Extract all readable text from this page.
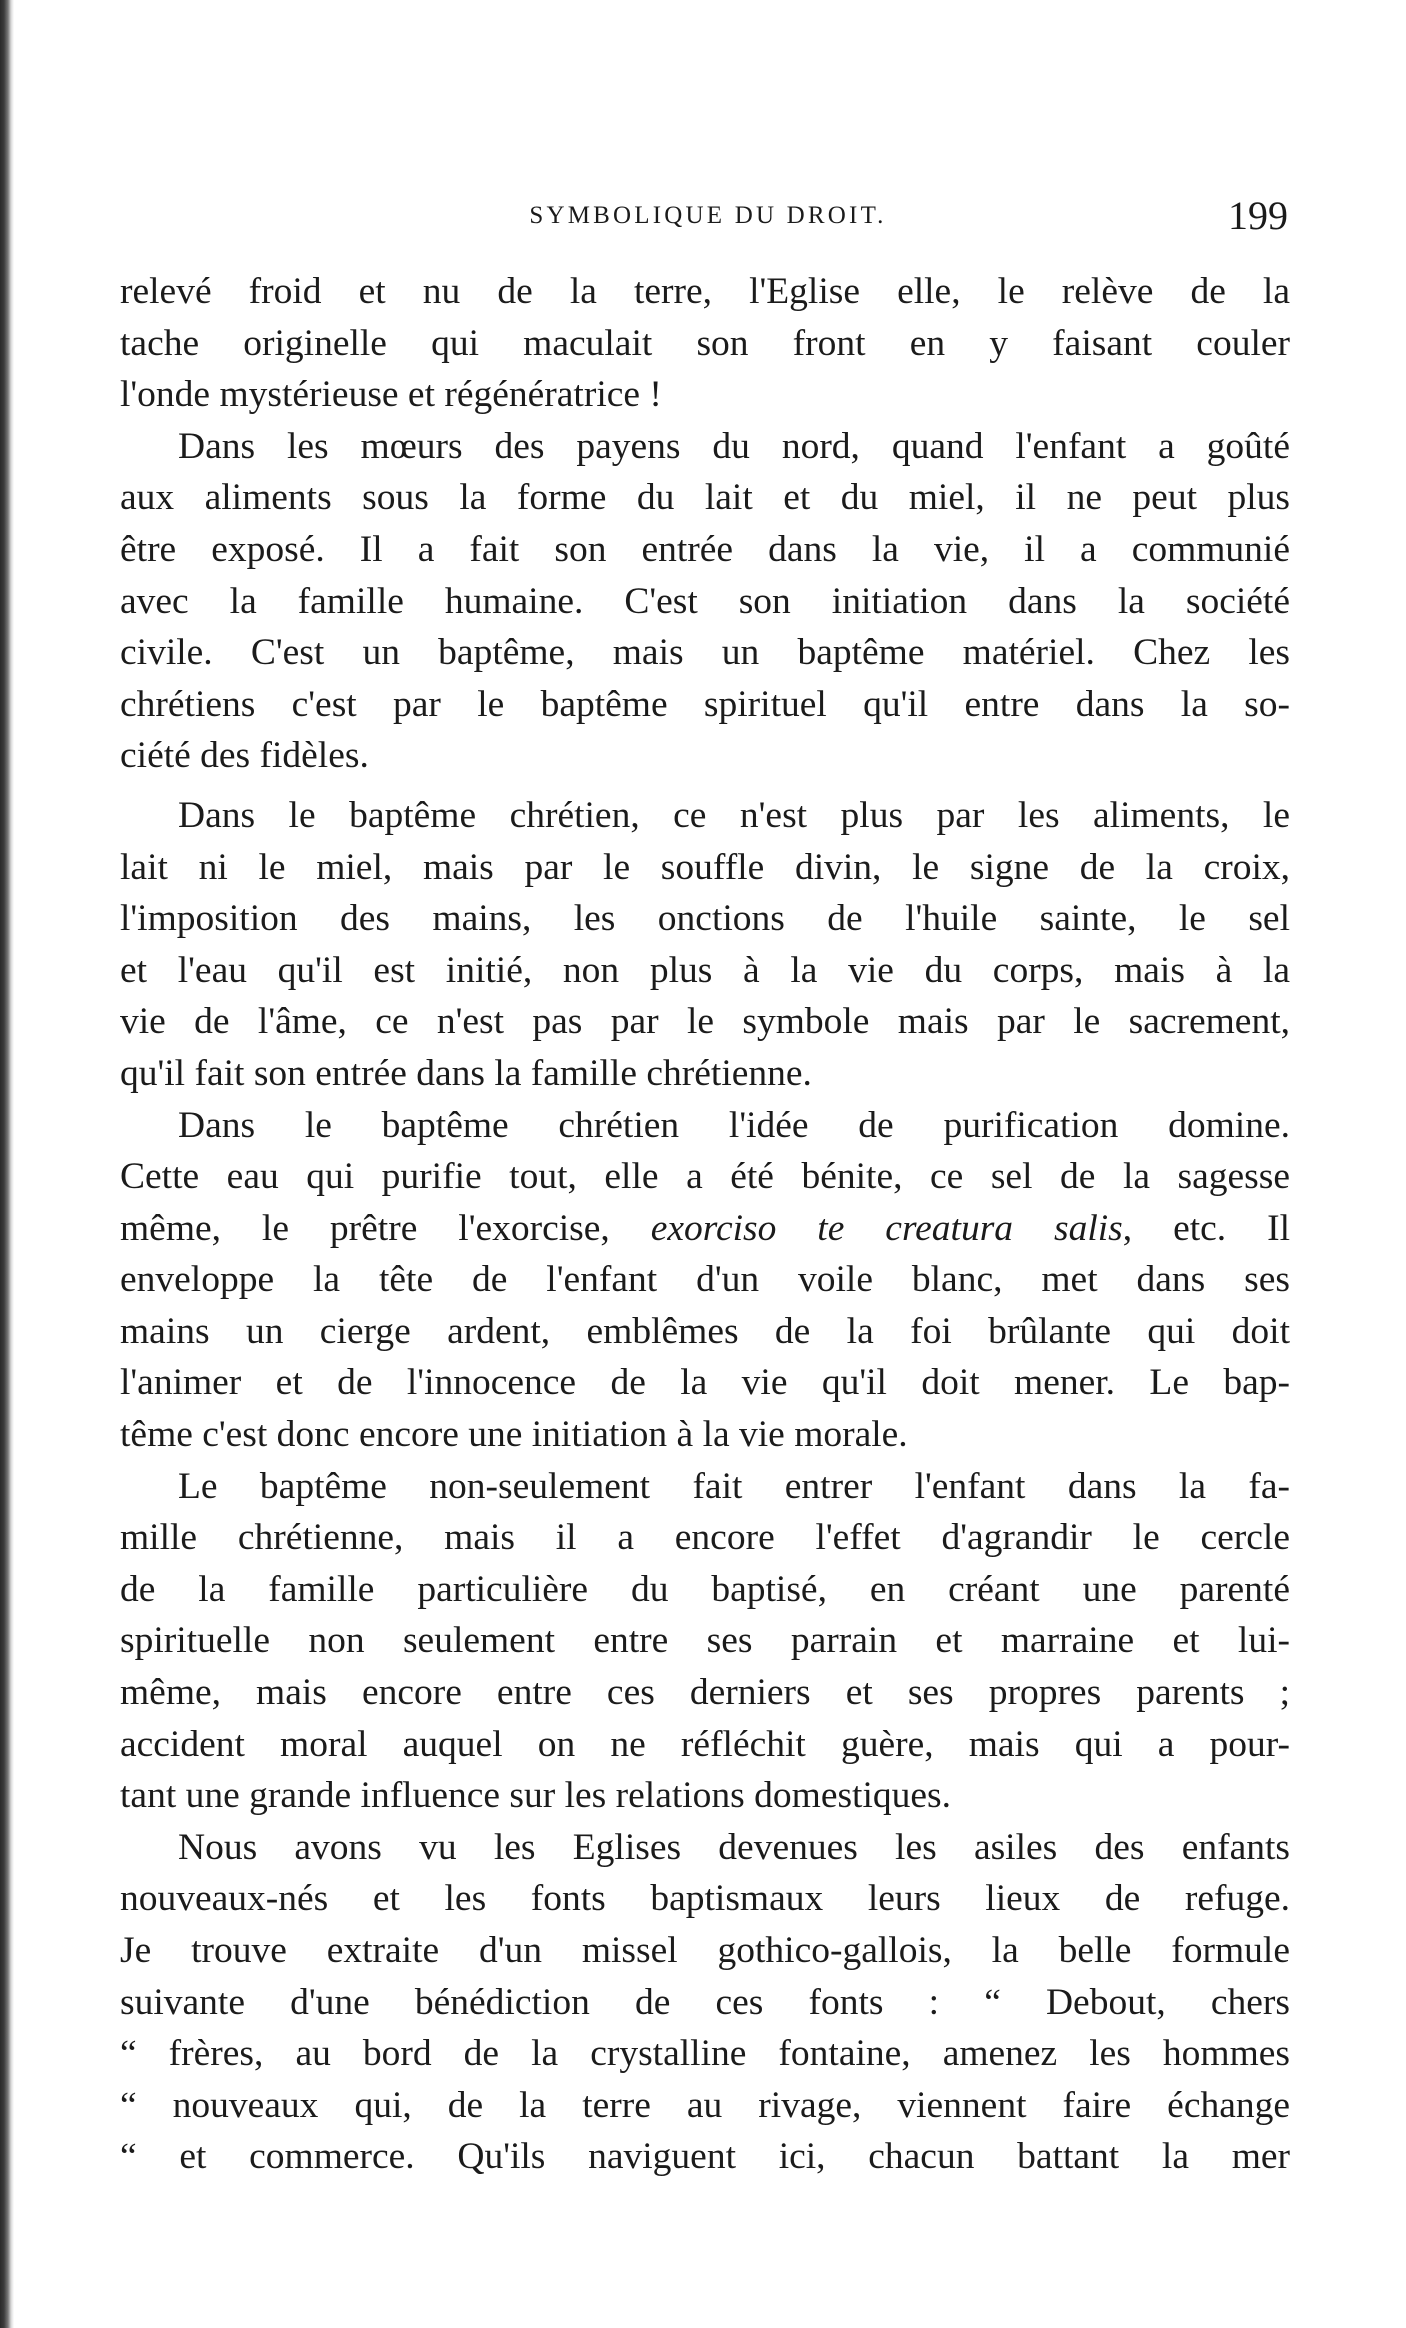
SYMBOLIQUE DU DROIT.	199
relevé froid et nu de la terre, l'Eglise elle, le relève de la
tache originelle qui maculait son front en y faisant couler
l'onde mystérieuse et régénératrice !
Dans les mœurs des payens du nord, quand l'enfant a goûté
aux aliments sous la forme du lait et du miel, il ne peut plus
être exposé. Il a fait son entrée dans la vie, il a communié
avec la famille humaine. C'est son initiation dans la société
civile. C'est un baptême, mais un baptême matériel. Chez les
chrétiens c'est par le baptême spirituel qu'il entre dans la so-
ciété des fidèles.
Dans le baptême chrétien, ce n'est plus par les aliments, le
lait ni le miel, mais par le souffle divin, le signe de la croix,
l'imposition des mains, les onctions de l'huile sainte, le sel
et l'eau qu'il est initié, non plus à la vie du corps, mais à la
vie de l'âme, ce n'est pas par le symbole mais par le sacrement,
qu'il fait son entrée dans la famille chrétienne.
Dans le baptême chrétien l'idée de purification domine.
Cette eau qui purifie tout, elle a été bénite, ce sel de la sagesse
même, le prêtre l'exorcise, exorciso te creatura salis, etc. Il
enveloppe la tête de l'enfant d'un voile blanc, met dans ses
mains un cierge ardent, emblêmes de la foi brûlante qui doit
l'animer et de l'innocence de la vie qu'il doit mener. Le bap-
tême c'est donc encore une initiation à la vie morale.
Le baptême non-seulement fait entrer l'enfant dans la fa-
mille chrétienne, mais il a encore l'effet d'agrandir le cercle
de la famille particulière du baptisé, en créant une parenté
spirituelle non seulement entre ses parrain et marraine et lui-
même, mais encore entre ces derniers et ses propres parents ;
accident moral auquel on ne réfléchit guère, mais qui a pour-
tant une grande influence sur les relations domestiques.
Nous avons vu les Eglises devenues les asiles des enfants
nouveaux-nés et les fonts baptismaux leurs lieux de refuge.
Je trouve extraite d'un missel gothico-gallois, la belle formule
suivante d'une bénédiction de ces fonts : “ Debout, chers
“ frères, au bord de la crystalline fontaine, amenez les hommes
“ nouveaux qui, de la terre au rivage, viennent faire échange
“ et commerce. Qu'ils naviguent ici, chacun battant la mer
